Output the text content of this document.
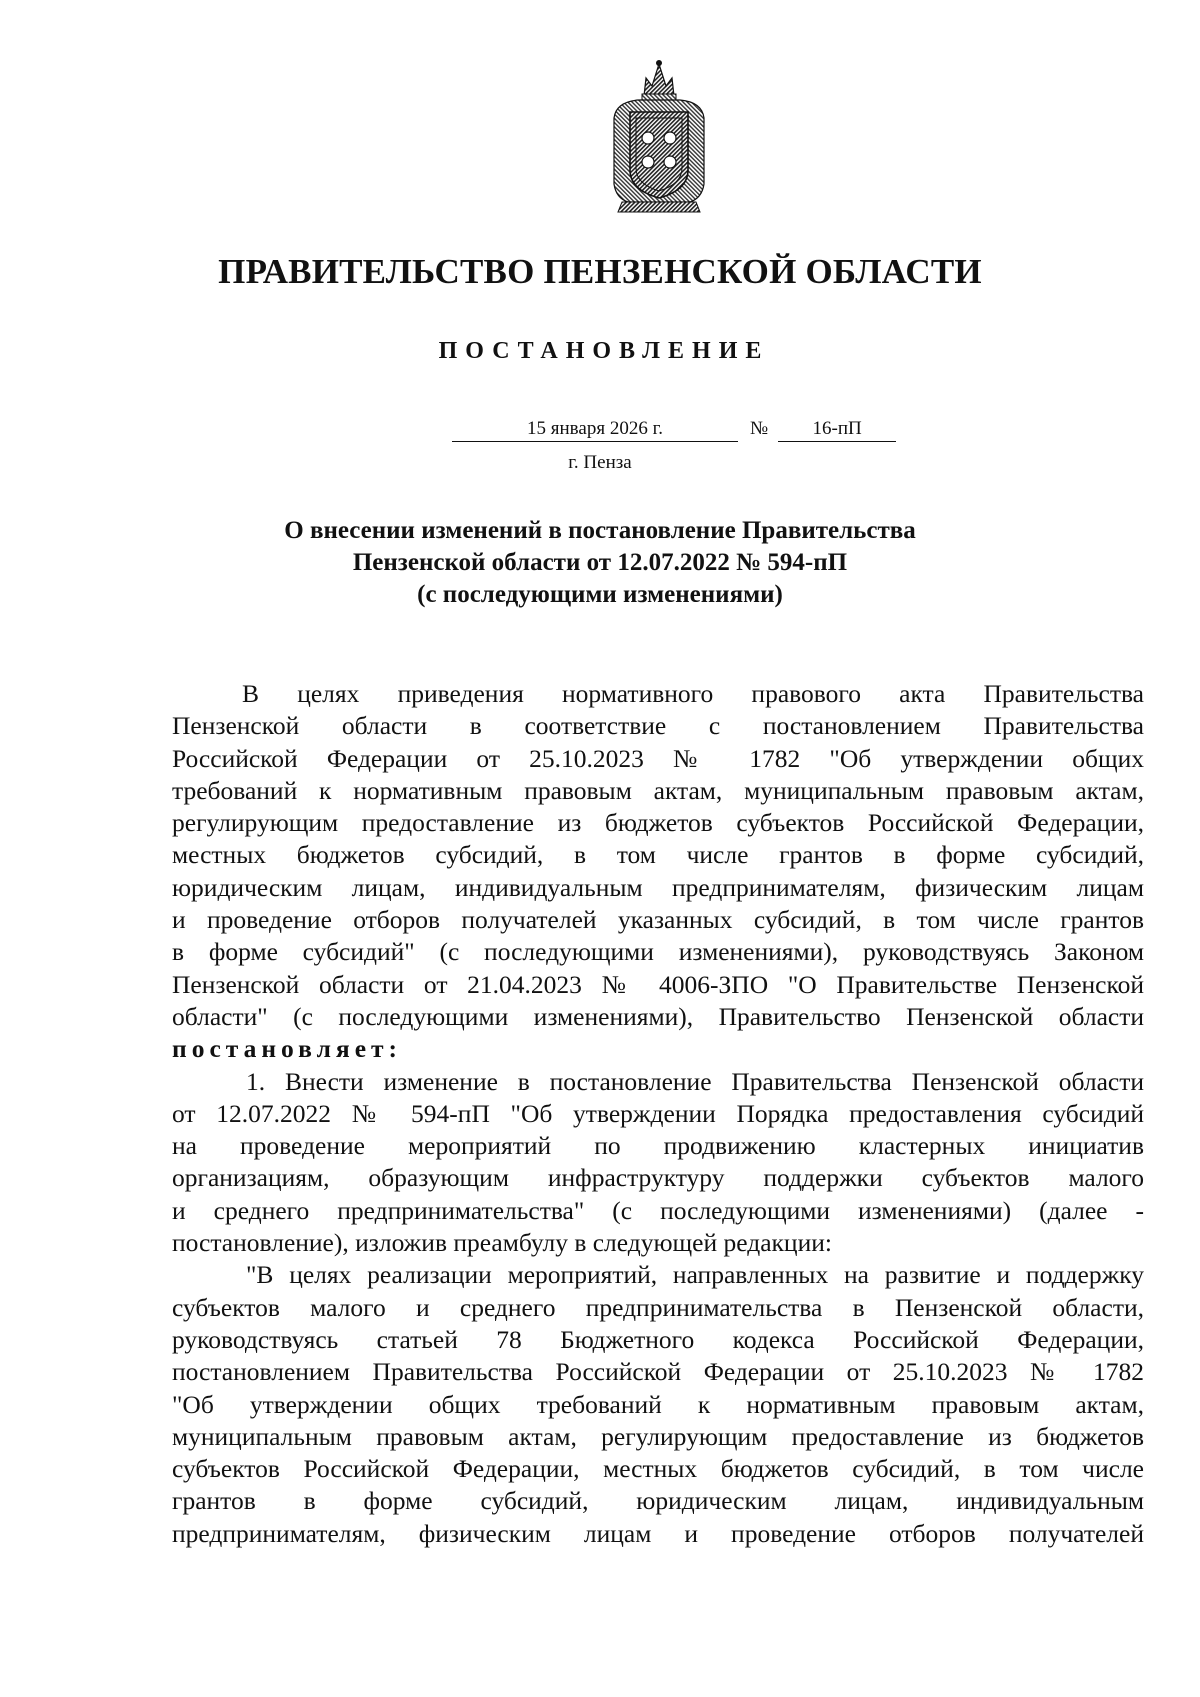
ПРАВИТЕЛЬСТВО ПЕНЗЕНСКОЙ ОБЛАСТИ
ПОСТАНОВЛЕНИЕ
15 января 2026 г.	№	16-пП
г. Пенза
О внесении изменений в постановление Правительства
Пензенской области от 12.07.2022 № 594-пП
(с последующими изменениями)
В целях приведения нормативного правового акта Правительства
Пензенской области в соответствие с постановлением Правительства
Российской Федерации от 25.10.2023 № 1782 "Об утверждении общих
требований к нормативным правовым актам, муниципальным правовым актам,
регулирующим предоставление из бюджетов субъектов Российской Федерации,
местных бюджетов субсидий, в том числе грантов в форме субсидий,
юридическим лицам, индивидуальным предпринимателям, физическим лицам
и проведение отборов получателей указанных субсидий, в том числе грантов
в форме субсидий" (с последующими изменениями), руководствуясь Законом
Пензенской области от 21.04.2023 № 4006-ЗПО "О Правительстве Пензенской
области" (с последующими изменениями), Правительство Пензенской области
постановляет:
1. Внести изменение в постановление Правительства Пензенской области
от 12.07.2022 № 594-пП "Об утверждении Порядка предоставления субсидий
на проведение мероприятий по продвижению кластерных инициатив
организациям, образующим инфраструктуру поддержки субъектов малого
и среднего предпринимательства" (с последующими изменениями) (далее -
постановление), изложив преамбулу в следующей редакции:
"В целях реализации мероприятий, направленных на развитие и поддержку
субъектов малого и среднего предпринимательства в Пензенской области,
руководствуясь статьей 78 Бюджетного кодекса Российской Федерации,
постановлением Правительства Российской Федерации от 25.10.2023 № 1782
"Об утверждении общих требований к нормативным правовым актам,
муниципальным правовым актам, регулирующим предоставление из бюджетов
субъектов Российской Федерации, местных бюджетов субсидий, в том числе
грантов в форме субсидий, юридическим лицам, индивидуальным
предпринимателям, физическим лицам и проведение отборов получателей
